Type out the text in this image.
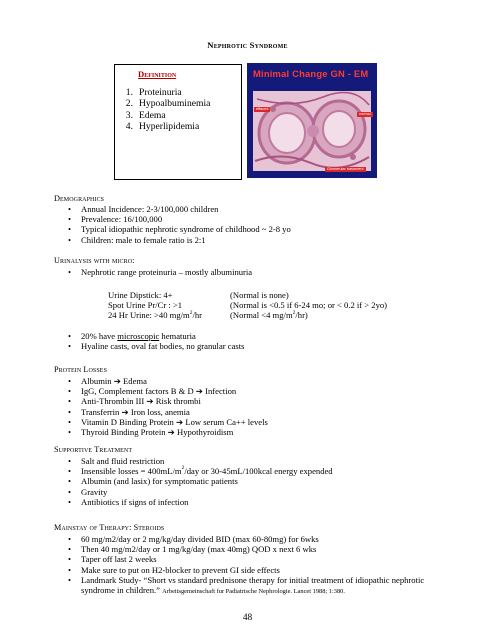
Nephrotic Syndrome
Definition
1. Proteinuria
2. Hypoalbuminemia
3. Edema
4. Hyperlipidemia
Minimal Change GN - EM
effaced
normal
Glomerular basement
Demographics
• Annual Incidence: 2-3/100,000 children
• Prevalence: 16/100,000
• Typical idiopathic nephrotic syndrome of childhood ~ 2-8 yo
• Children: male to female ratio is 2:1
Urinalysis with micro:
• Nephrotic range proteinuria – mostly albuminuria
Urine Dipstick: 4+	(Normal is none)
Spot Urine Pr/Cr : >1	(Normal is <0.5 if 6-24 mo; or < 0.2 if > 2yo)
24 Hr Urine: >40 $mg/m^2/hr$	(Normal <4 $mg/m^2/hr$)
• 20% have microscopic hematuria
• Hyaline casts, oval fat bodies, no granular casts
Protein Losses
• Albumin ➔ Edema
• IgG, Complement factors B & D ➔ Infection
• Anti-Thrombin III ➔ Risk thrombi
• Transferrin ➔ Iron loss, anemia
• Vitamin D Binding Protein ➔ Low serum Ca++ levels
• Thyroid Binding Protein ➔ Hypothyroidism
Supportive Treatment
• Salt and fluid restriction
• Insensible losses = $400mL/m^2$/day or 30-45mL/100kcal energy expended
• Albumin (and lasix) for symptomatic patients
• Gravity
• Antibiotics if signs of infection
Mainstay of Therapy: Steroids
• 60 mg/m2/day or 2 mg/kg/day divided BID (max 60-80mg) for 6wks
• Then 40 mg/m2/day or 1 mg/kg/day (max 40mg) QOD x next 6 wks
• Taper off last 2 weeks
• Make sure to put on H2-blocker to prevent GI side effects
• Landmark Study- “Short vs standard prednisone therapy for initial treatment of idiopathic nephrotic
syndrome in children.” Arbeitsgemeinschaft fur Padiatrische Nephrologie. Lancet 1988; 1:380.
48
